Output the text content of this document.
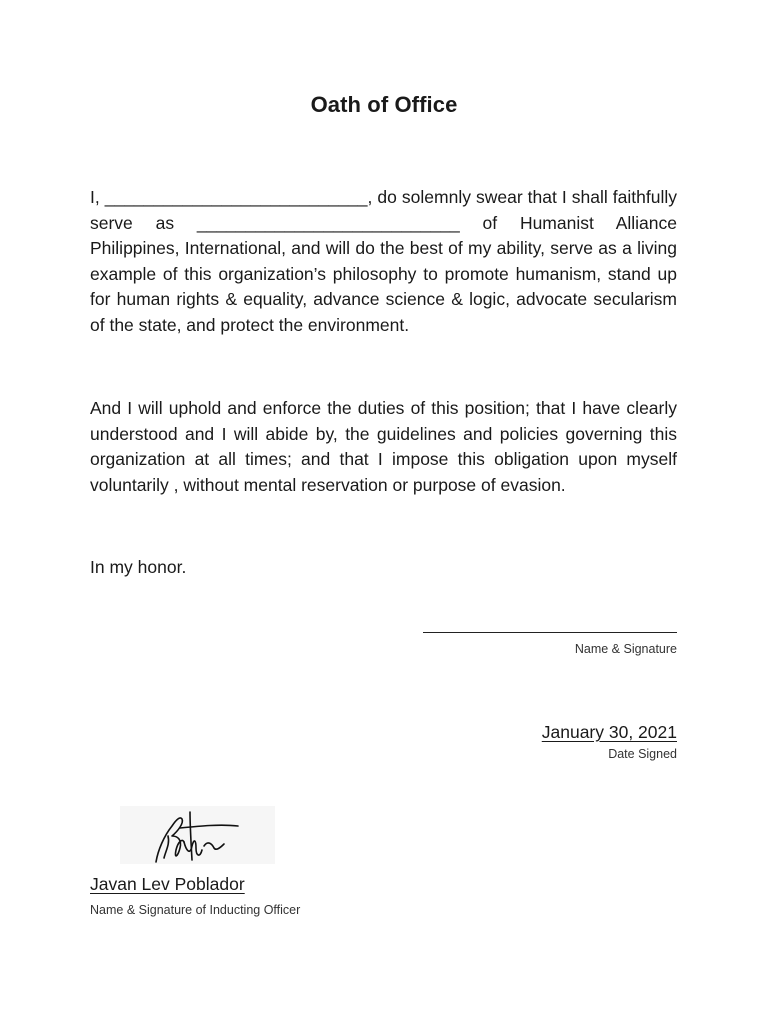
Oath of Office

I, ___________________________, do solemnly swear that I shall faithfully serve as ___________________________ of Humanist Alliance Philippines, International, and will do the best of my ability, serve as a living example of this organization’s philosophy to promote humanism, stand up for human rights & equality, advance science & logic, advocate secularism of the state, and protect the environment.

And I will uphold and enforce the duties of this position; that I have clearly understood and I will abide by, the guidelines and policies governing this organization at all times; and that I impose this obligation upon myself voluntarily , without mental reservation or purpose of evasion.

In my honor.

Name & Signature
January 30, 2021
Date Signed
Javan Lev Poblador
Name & Signature of Inducting Officer
